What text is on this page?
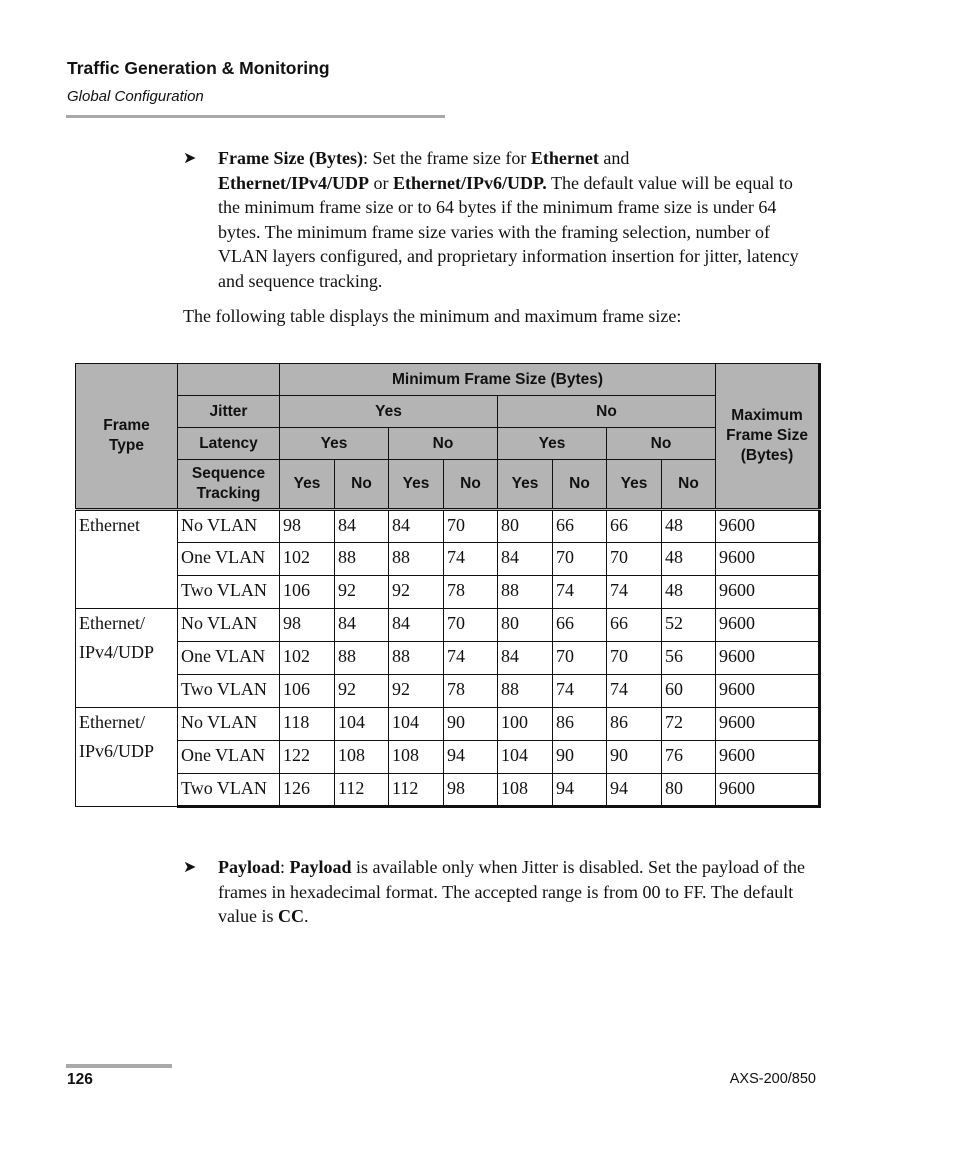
Traffic Generation & Monitoring
Global Configuration
➤	Frame Size (Bytes): Set the frame size for Ethernet and
Ethernet/IPv4/UDP or Ethernet/IPv6/UDP. The default value will be equal to the minimum frame size or to 64 bytes if the minimum frame size is under 64 bytes. The minimum frame size varies with the framing selection, number of VLAN layers configured, and proprietary information insertion for jitter, latency and sequence tracking.
The following table displays the minimum and maximum frame size:
Frame Type		Minimum Frame Size (Bytes)								Maximum Frame Size (Bytes)
	Jitter	Yes				No				
	Latency	Yes		No		Yes		No		
	Sequence Tracking	Yes	No	Yes	No	Yes	No	Yes	No	
Ethernet	No VLAN	98	84	84	70	80	66	66	48	9600
	One VLAN	102	88	88	74	84	70	70	48	9600
	Two VLAN	106	92	92	78	88	74	74	48	9600
Ethernet/
IPv4/UDP	No VLAN	98	84	84	70	80	66	66	52	9600
	One VLAN	102	88	88	74	84	70	70	56	9600
	Two VLAN	106	92	92	78	88	74	74	60	9600
Ethernet/
IPv6/UDP	No VLAN	118	104	104	90	100	86	86	72	9600
	One VLAN	122	108	108	94	104	90	90	76	9600
	Two VLAN	126	112	112	98	108	94	94	80	9600
➤	Payload: Payload is available only when Jitter is disabled. Set the payload of the frames in hexadecimal format. The accepted range is from 00 to FF. The default value is CC.
126	AXS-200/850
